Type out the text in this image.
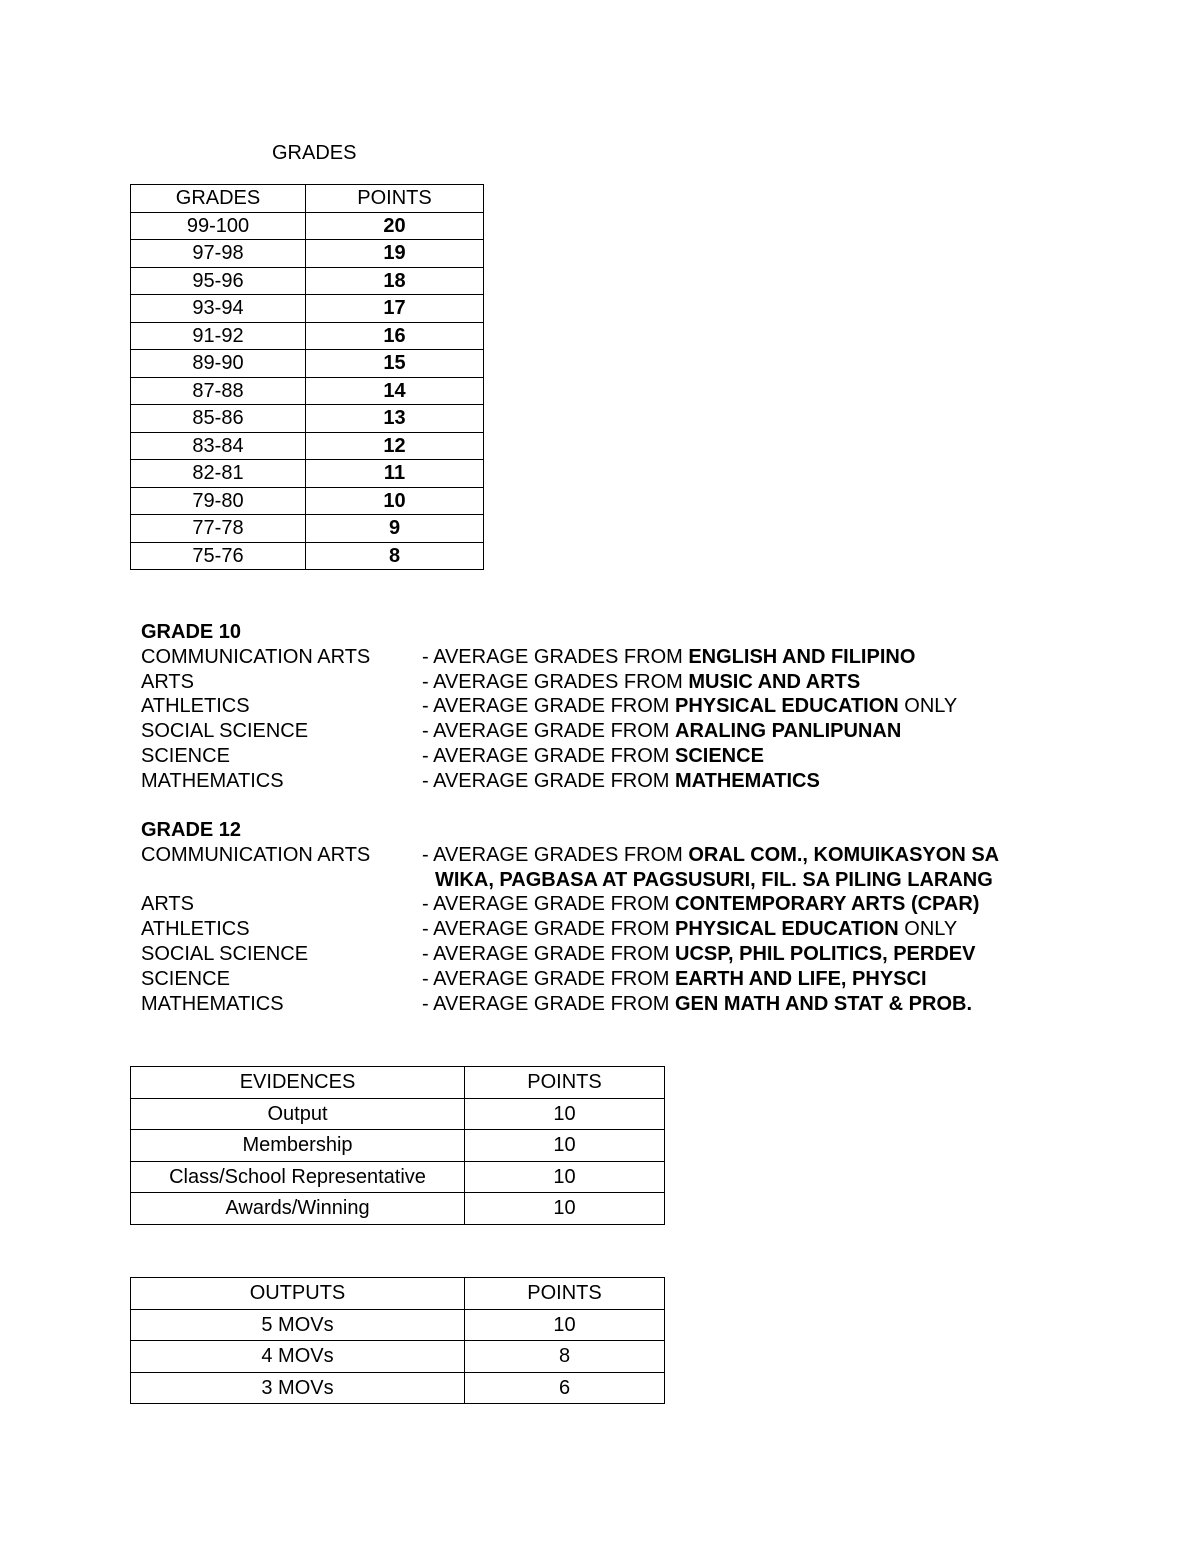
GRADES
GRADES	POINTS
99-100	20
97-98	19
95-96	18
93-94	17
91-92	16
89-90	15
87-88	14
85-86	13
83-84	12
82-81	11
79-80	10
77-78	9
75-76	8
GRADE 10
COMMUNICATION ARTS	- AVERAGE GRADES FROM ENGLISH AND FILIPINO
ARTS	- AVERAGE GRADES FROM MUSIC AND ARTS
ATHLETICS	- AVERAGE GRADE FROM PHYSICAL EDUCATION ONLY
SOCIAL SCIENCE	- AVERAGE GRADE FROM ARALING PANLIPUNAN
SCIENCE	- AVERAGE GRADE FROM SCIENCE
MATHEMATICS	- AVERAGE GRADE FROM MATHEMATICS
GRADE 12
COMMUNICATION ARTS	- AVERAGE GRADES FROM ORAL COM., KOMUIKASYON SA
WIKA, PAGBASA AT PAGSUSURI, FIL. SA PILING LARANG
ARTS	- AVERAGE GRADE FROM CONTEMPORARY ARTS (CPAR)
ATHLETICS	- AVERAGE GRADE FROM PHYSICAL EDUCATION ONLY
SOCIAL SCIENCE	- AVERAGE GRADE FROM UCSP, PHIL POLITICS, PERDEV
SCIENCE	- AVERAGE GRADE FROM EARTH AND LIFE, PHYSCI
MATHEMATICS	- AVERAGE GRADE FROM GEN MATH AND STAT & PROB.
EVIDENCES	POINTS
Output	10
Membership	10
Class/School Representative	10
Awards/Winning	10
OUTPUTS	POINTS
5 MOVs	10
4 MOVs	8
3 MOVs	6
